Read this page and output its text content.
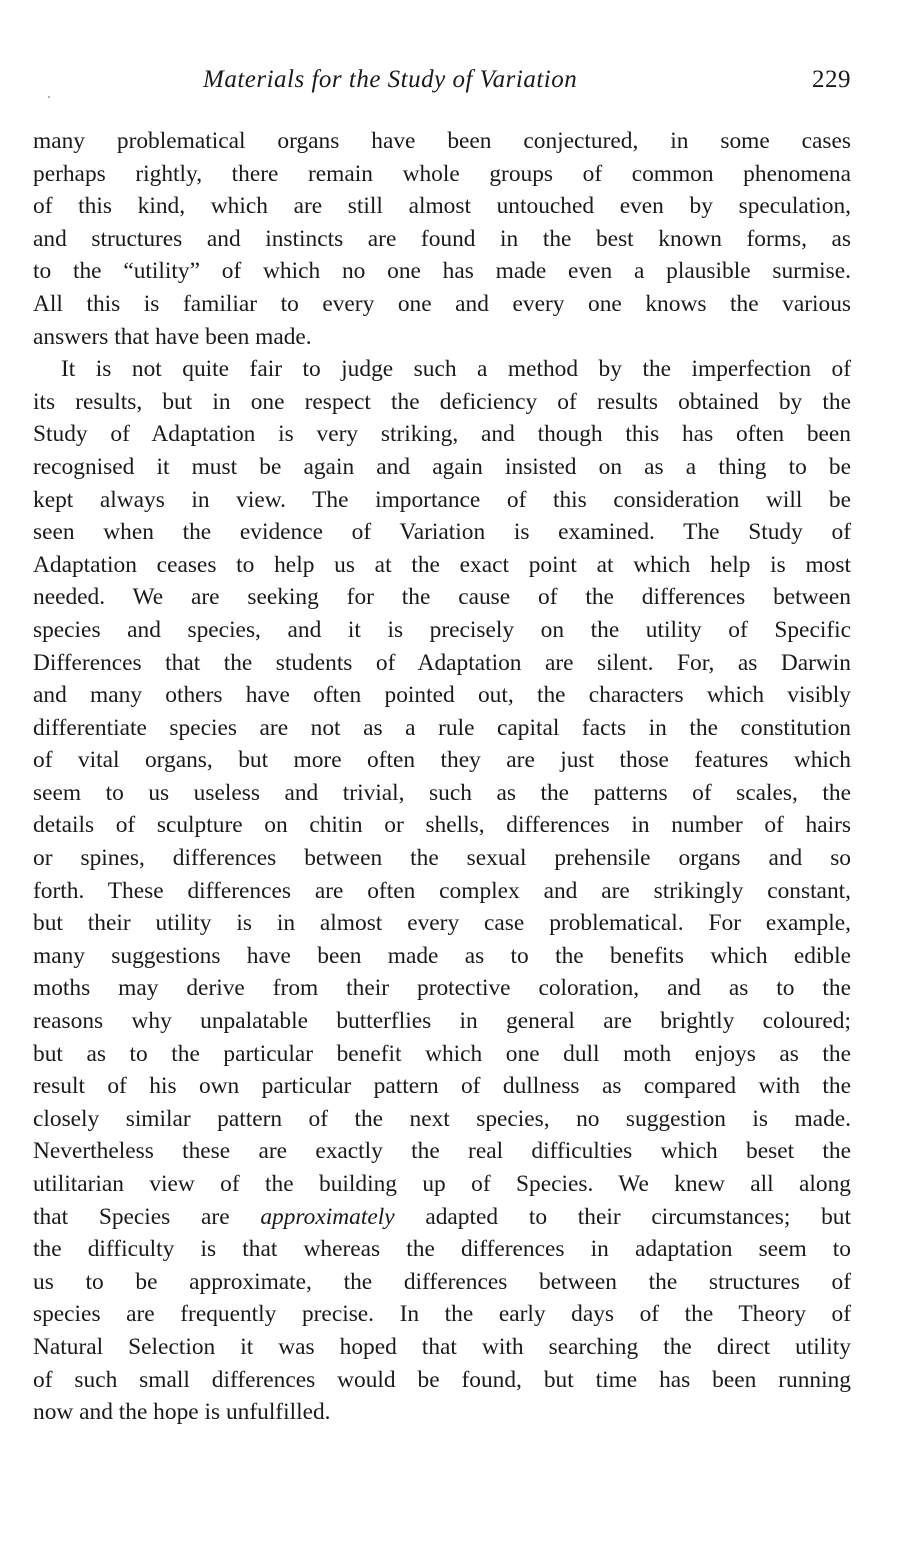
Materials for the Study of Variation	229
many problematical organs have been conjectured, in some cases
perhaps rightly, there remain whole groups of common phenomena
of this kind, which are still almost untouched even by speculation,
and structures and instincts are found in the best known forms, as
to the “utility” of which no one has made even a plausible surmise.
All this is familiar to every one and every one knows the various
answers that have been made.
It is not quite fair to judge such a method by the imperfection of
its results, but in one respect the deficiency of results obtained by the
Study of Adaptation is very striking, and though this has often been
recognised it must be again and again insisted on as a thing to be
kept always in view. The importance of this consideration will be
seen when the evidence of Variation is examined. The Study of
Adaptation ceases to help us at the exact point at which help is most
needed. We are seeking for the cause of the differences between
species and species, and it is precisely on the utility of Specific
Differences that the students of Adaptation are silent. For, as Darwin
and many others have often pointed out, the characters which visibly
differentiate species are not as a rule capital facts in the constitution
of vital organs, but more often they are just those features which
seem to us useless and trivial, such as the patterns of scales, the
details of sculpture on chitin or shells, differences in number of hairs
or spines, differences between the sexual prehensile organs and so
forth. These differences are often complex and are strikingly constant,
but their utility is in almost every case problematical. For example,
many suggestions have been made as to the benefits which edible
moths may derive from their protective coloration, and as to the
reasons why unpalatable butterflies in general are brightly coloured;
but as to the particular benefit which one dull moth enjoys as the
result of his own particular pattern of dullness as compared with the
closely similar pattern of the next species, no suggestion is made.
Nevertheless these are exactly the real difficulties which beset the
utilitarian view of the building up of Species. We knew all along
that Species are approximately adapted to their circumstances; but
the difficulty is that whereas the differences in adaptation seem to
us to be approximate, the differences between the structures of
species are frequently precise. In the early days of the Theory of
Natural Selection it was hoped that with searching the direct utility
of such small differences would be found, but time has been running
now and the hope is unfulfilled.
